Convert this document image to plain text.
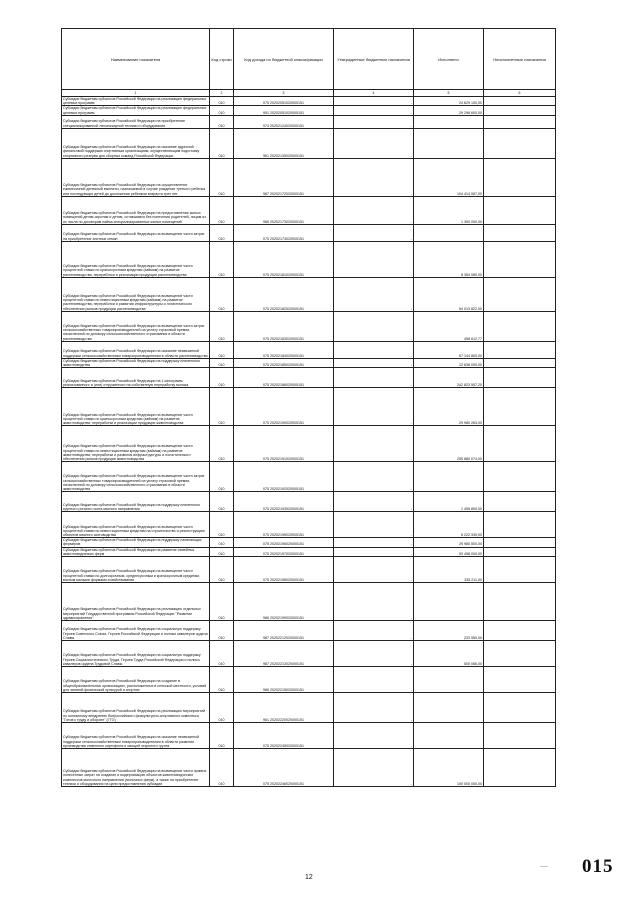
Наименование показателя	Код строки	Код дохода по бюджетной классификации	Утвержденные бюджетные назначения	Исполнено	Неисполненные назначения
1	2	3	4	5	6
Субсидии бюджетам субъектов Российской Федерации на реализацию федеральных целевых программ	010	075 20202051020000151	-	24 629 100,00	
Субсидии бюджетам субъектов Российской Федерации на реализацию федеральных целевых программ	010	951 20202051020000151	-	29 298 600,00	
Субсидии бюджетам субъектов Российской Федерации на приобретение специализированной лесопожарной техники и оборудования	010	974 20202124020000151	-		
Субсидии бюджетам субъектов Российской Федерации на оказание адресной финансовой поддержки спортивным организациям, осуществляющим подготовку спортивного резерва для сборных команд Российской Федерации	010	961 20202135020000151	-		
Субсидии бюджетам субъектов Российской Федерации на осуществление ежемесячной денежной выплаты, назначаемой в случае рождения третьего ребенка или последующих детей до достижения ребенком возраста трех лет	010	987 20202172020000151	-	104 414 087,00	
Субсидии бюджетам субъектов Российской Федерации на предоставление жилых помещений детям-сиротам и детям, оставшимся без попечения родителей, лицам из их числа по договорам найма специализированных жилых помещений	010	966 20202173020000151	-	1 390 000,00	
Субсидии бюджетам субъектов Российской Федерации на возмещение части затрат на приобретение элитных семян	010	075 20202174020000151	-		
Субсидии бюджетам субъектов Российской Федерации на возмещение части процентной ставки по краткосрочным кредитам (займам) на развитие растениеводства, переработки и реализации продукции растениеводства	010	075 20202181020000151	-	8 354 080,00	
Субсидии бюджетам субъектов Российской Федерации на возмещение части процентной ставки по инвестиционным кредитам (займам) на развитие растениеводства, переработки и развития инфраструктуры и логистического обеспечения рынков продукции растениеводства	010	075 20202182020000151	-	54 013 822,00	
Субсидии бюджетам субъектов Российской Федерации на возмещение части затрат сельскохозяйственных товаропроизводителей на уплату страховой премии, начисленной по договору сельскохозяйственного страхования в области растениеводства	010	075 20202183020000151	-	458 612,77	
Субсидии бюджетам субъектов Российской Федерации на оказание несвязанной поддержки сельскохозяйственным товаропроизводителям в области растениеводства	010	075 20202184020000151	-	67 144 800,00	
Субсидии бюджетам субъектов Российской Федерации на поддержку племенного животноводства	010	075 20202185020000151	-	12 638 000,00	
Субсидии бюджетам субъектов Российской Федерации на 1 килограмм реализованного и (или) отгруженного на собственную переработку молока	010	075 20202186020000151	-	242 823 557,20	
Субсидии бюджетам субъектов Российской Федерации на возмещение части процентной ставки по краткосрочным кредитам (займам) на развитие животноводства, переработки и реализации продукции животноводства	010	075 20202190020000151	-	29 980 263,00	
Субсидии бюджетам субъектов Российской Федерации на возмещение части процентной ставки по инвестиционным кредитам (займам) на развитие животноводства, переработки и развития инфраструктуры и логистического обеспечения рынков продукции животноводства	010	075 20202191020000151	-	255 880 074,00	
Субсидии бюджетам субъектов Российской Федерации на возмещение части затрат сельскохозяйственных товаропроизводителей на уплату страховой премии, начисленной по договору сельскохозяйственного страхования в области животноводства	010	075 20202192020000151	-		
Субсидии бюджетам субъектов Российской Федерации на поддержку племенного крупного рогатого скота мясного направления	010	075 20202193020000151	-	1 455 800,00	
Субсидии бюджетам субъектов Российской Федерации на возмещение части процентной ставки по инвестиционным кредитам на строительство и реконструкцию объектов мясного скотоводства	010	075 20202195020000151	-	6 222 339,00	
Субсидии бюджетам субъектов Российской Федерации на поддержку начинающих фермеров	010	075 20202196020000151	-	29 980 500,00	
Субсидии бюджетам субъектов Российской Федерации на развитие семейных животноводческих ферм	010	075 20202197020000151	-	53 458 000,00	
Субсидии бюджетам субъектов Российской Федерации на возмещение части процентной ставки по долгосрочным, среднесрочным и краткосрочным кредитам, взятым малыми формами хозяйствования	010	075 20202198020000151	-	335 211,00	
Субсидии бюджетам субъектов Российской Федерации на реализацию отдельных мероприятий Государственной программы Российской Федерации "Развитие здравоохранения"	010	966 20202199020000151	-		
Субсидии бюджетам субъектов Российской Федерации на социальную поддержку Героев Советского Союза, Героев Российской Федерации и полных кавалеров ордена Славы	010	987 20202212020000151	-	233 550,00	
Субсидии бюджетам субъектов Российской Федерации на социальную поддержку Героев Социалистического Труда, Героев Труда Российской Федерации и полных кавалеров ордена Трудовой Славы	010	987 20202213020000151	-	500 066,00	
Субсидии бюджетам субъектов Российской Федерации на создание в общеобразовательных организациях, расположенных в сельской местности, условий для занятий физической культурой и спортом	010	966 20202215020000151	-		
Субсидии бюджетам субъектов Российской Федерации на реализацию мероприятий по поэтапному внедрению Всероссийского физкультурно-спортивного комплекса "Готов к труду и обороне" (ГТО)	010	961 20202220020000151	-		
Субсидии бюджетам субъектов Российской Федерации на оказание несвязанной поддержки сельскохозяйственным товаропроизводителям в области развития производства семенного картофеля и овощей открытого грунта	010	075 20202245020000151	-		
Субсидии бюджетам субъектов Российской Федерации на возмещение части прямых понесенных затрат на создание и модернизацию объектов животноводческих комплексов молочного направления (молочных ферм), а также на приобретение техники и оборудования на цели предоставления субсидии	010	075 20202246020000151	-	100 000 000,00	
12
~~~ 015
